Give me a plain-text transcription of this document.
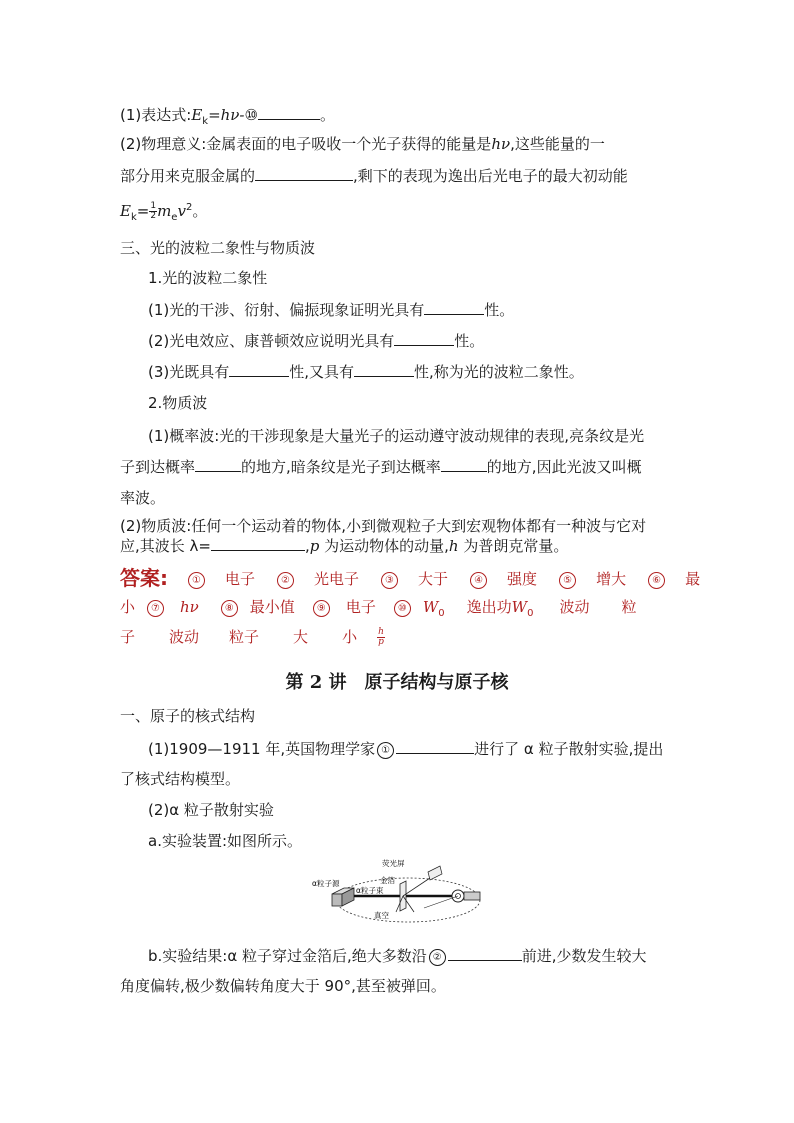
(1)表达式$:E_k=h\nu-⑩$	。
(2)物理意义:金属表面的电子吸收一个光子获得的能量是hν,这些能量的一
部分用来克服金属的	,剩下的表现为逸出后光电子的最大初动能
$E_k= \frac{1}{2} m_ev^2$。
三、光的波粒二象性与物质波
1.光的波粒二象性
(1)光的干涉、衍射、偏振现象证明光具有	性。
(2)光电效应、康普顿效应说明光具有	性。
(3)光既具有	性,又具有	性,称为光的波粒二象性。
2.物质波
(1)概率波:光的干涉现象是大量光子的运动遵守波动规律的表现,亮条纹是光
子到达概率	的地方,暗条纹是光子到达概率	的地方,因此光波又叫概
率波。
(2)物质波:任何一个运动着的物体,小到微观粒子大到宏观物体都有一种波与它对
应,其波长 λ=	,p 为运动物体的动量,h 为普朗克常量。
答案:	① 电子	② 光电子	③ 大于	④ 强度	⑤ 增大	⑥ 最
小 ⑦ hν	⑧ 最小值 ⑨ 电子 ⑩ $W_0$ 逸出功$W_0$ 波动 粒
子 波动 粒子 大 小 $\frac{h}{p}$
第 2 讲　原子结构与原子核
一、原子的核式结构
(1)1909—1911 年,英国物理学家 ①	进行了 α 粒子散射实验,提出
了核式结构模型。
(2)α 粒子散射实验
a.实验装置:如图所示。
荧光屏
金箔
α粒子源
α粒子束
真空
b.实验结果:α 粒子穿过金箔后,绝大多数沿 ②	前进,少数发生较大
角度偏转,极少数偏转角度大于 90°,甚至被弹回。
